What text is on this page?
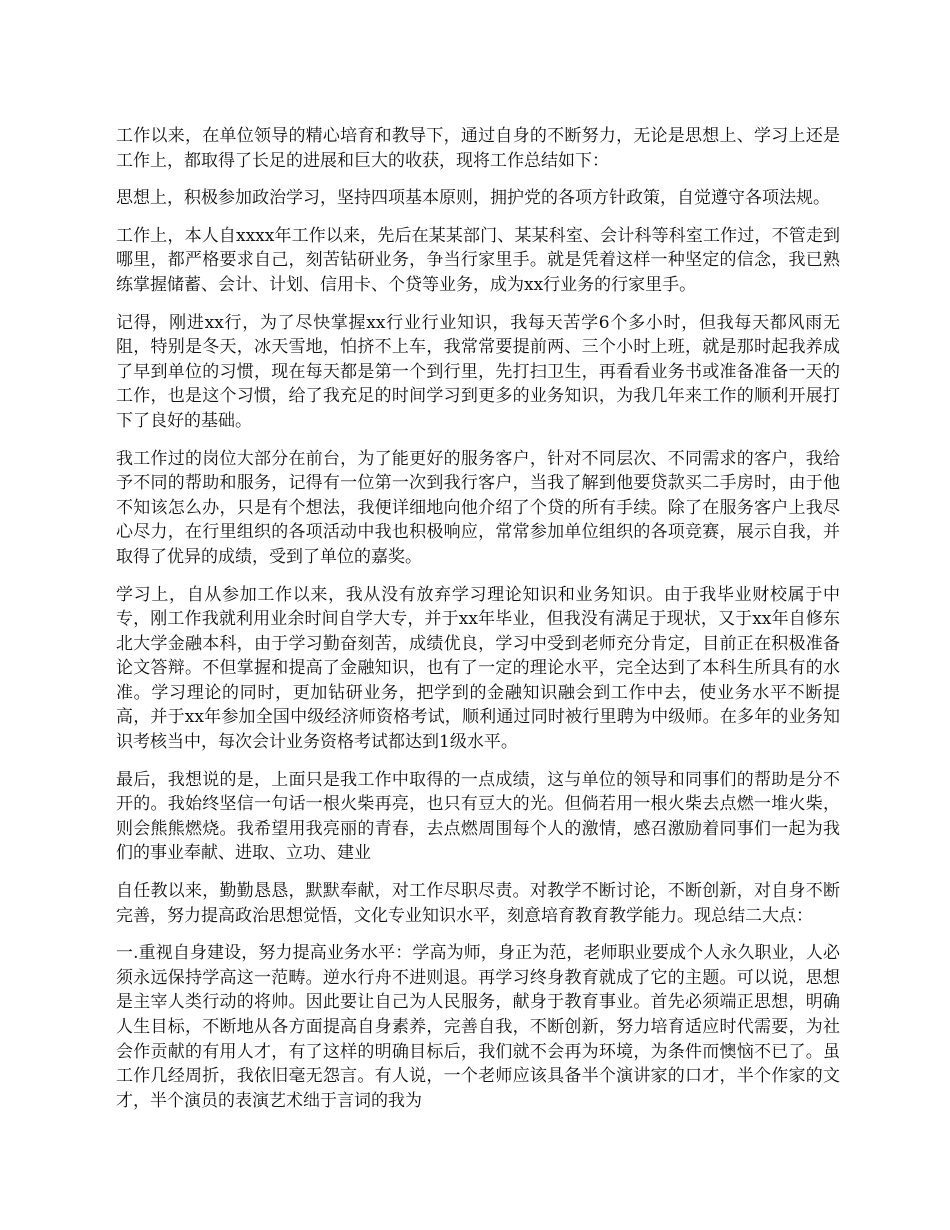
工作以来，在单位领导的精心培育和教导下，通过自身的不断努力，无论是思想上、学习上还是工作上，都取得了长足的进展和巨大的收获，现将工作总结如下：

思想上，积极参加政治学习，坚持四项基本原则，拥护党的各项方针政策，自觉遵守各项法规。

工作上，本人自xxxx年工作以来，先后在某某部门、某某科室、会计科等科室工作过，不管走到哪里，都严格要求自己，刻苦钻研业务，争当行家里手。就是凭着这样一种坚定的信念，我已熟练掌握储蓄、会计、计划、信用卡、个贷等业务，成为xx行业务的行家里手。

记得，刚进xx行，为了尽快掌握xx行业行业知识，我每天苦学6个多小时，但我每天都风雨无阻，特别是冬天，冰天雪地，怕挤不上车，我常常要提前两、三个小时上班，就是那时起我养成了早到单位的习惯，现在每天都是第一个到行里，先打扫卫生，再看看业务书或准备准备一天的工作，也是这个习惯，给了我充足的时间学习到更多的业务知识，为我几年来工作的顺利开展打下了良好的基础。

我工作过的岗位大部分在前台，为了能更好的服务客户，针对不同层次、不同需求的客户，我给予不同的帮助和服务，记得有一位第一次到我行客户，当我了解到他要贷款买二手房时，由于他不知该怎么办，只是有个想法，我便详细地向他介绍了个贷的所有手续。除了在服务客户上我尽心尽力，在行里组织的各项活动中我也积极响应，常常参加单位组织的各项竞赛，展示自我，并取得了优异的成绩，受到了单位的嘉奖。

学习上，自从参加工作以来，我从没有放弃学习理论知识和业务知识。由于我毕业财校属于中专，刚工作我就利用业余时间自学大专，并于xx年毕业，但我没有满足于现状，又于xx年自修东北大学金融本科，由于学习勤奋刻苦，成绩优良，学习中受到老师充分肯定，目前正在积极准备论文答辩。不但掌握和提高了金融知识，也有了一定的理论水平，完全达到了本科生所具有的水准。学习理论的同时，更加钻研业务，把学到的金融知识融会到工作中去，使业务水平不断提高，并于xx年参加全国中级经济师资格考试，顺利通过同时被行里聘为中级师。在多年的业务知识考核当中，每次会计业务资格考试都达到1级水平。

最后，我想说的是，上面只是我工作中取得的一点成绩，这与单位的领导和同事们的帮助是分不开的。我始终坚信一句话一根火柴再亮，也只有豆大的光。但倘若用一根火柴去点燃一堆火柴，则会熊熊燃烧。我希望用我亮丽的青春，去点燃周围每个人的激情，感召激励着同事们一起为我们的事业奉献、进取、立功、建业

自任教以来，勤勤恳恳，默默奉献，对工作尽职尽责。对教学不断讨论，不断创新，对自身不断完善，努力提高政治思想觉悟，文化专业知识水平，刻意培育教育教学能力。现总结二大点：

一.重视自身建设，努力提高业务水平：学高为师，身正为范，老师职业要成个人永久职业，人必须永远保持学高这一范畴。逆水行舟不进则退。再学习终身教育就成了它的主题。可以说，思想是主宰人类行动的将帅。因此要让自己为人民服务，献身于教育事业。首先必须端正思想，明确人生目标，不断地从各方面提高自身素养，完善自我，不断创新，努力培育适应时代需要，为社会作贡献的有用人才，有了这样的明确目标后，我们就不会再为环境，为条件而懊恼不已了。虽工作几经周折，我依旧毫无怨言。有人说，一个老师应该具备半个演讲家的口才，半个作家的文才，半个演员的表演艺术绌于言词的我为
